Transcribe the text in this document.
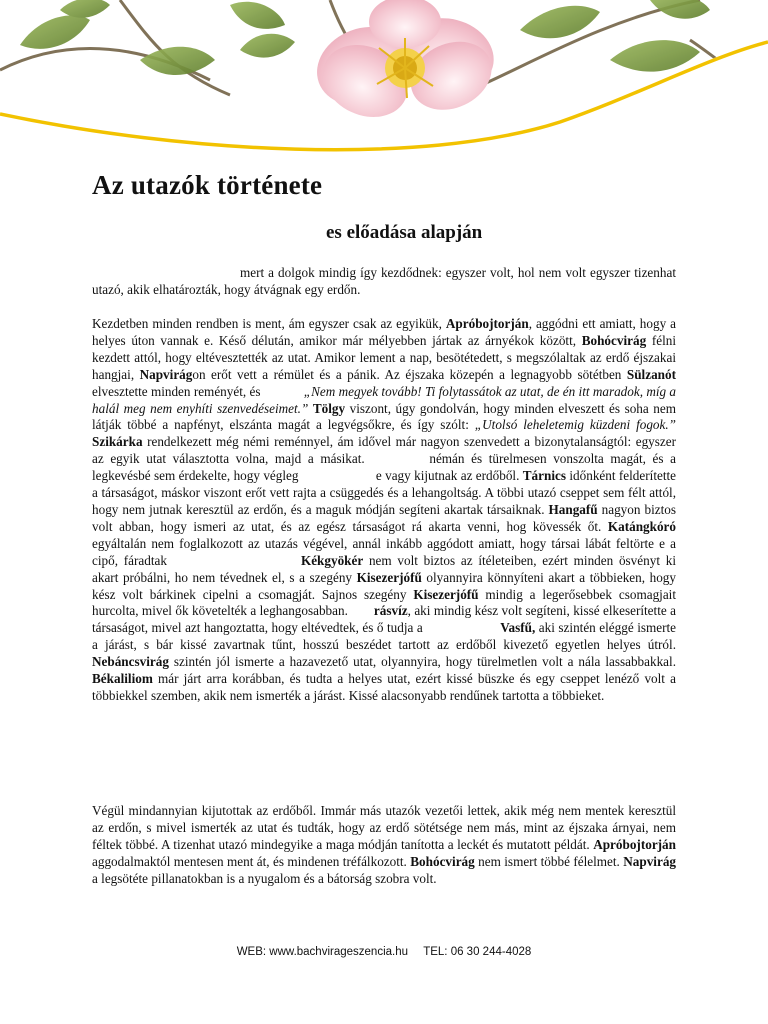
Az utazók története
es előadása alapján

mert a dolgok mindig így kezdődnek: egyszer volt, hol nem volt egyszer tizenhat utazó, akik elhatározták, hogy átvágnak egy erdőn.

Kezdetben minden rendben is ment, ám egyszer csak az egyikük, Apróbojtorján, aggódni ett amiatt, hogy a helyes úton vannak e. Késő délután, amikor már mélyebben jártak az árnyékok között, Bohócvirág félni kezdett attól, hogy eltévesztették az utat. Amikor lement a nap, besötétedett, s megszólaltak az erdő éjszakai hangjai, Napvirágon erőt vett a rémület és a pánik. Az éjszaka közepén a legnagyobb sötétben Sülzanót elvesztette minden reményét, és	„Nem megyek tovább! Ti folytassátok az utat, de én itt maradok, míg a halál meg nem enyhíti szenvedéseimet.” Tölgy viszont, úgy gondolván, hogy minden elveszett és soha nem látják többé a napfényt, elszánta magát a legvégsőkre, és így szólt: „Utolsó leheletemig küzdeni fogok.” Szikárka rendelkezett még némi reménnyel, ám idővel már nagyon szenvedett a bizonytalanságtól: egyszer az egyik utat választotta volna, majd a másikat.	némán és türelmesen vonszolta magát, és a legkevésbé sem érdekelte, hogy végleg	e vagy kijutnak az erdőből. Tárnics időnként felderítette a társaságot, máskor viszont erőt vett rajta a csüggedés és a lehangoltság. A többi utazó cseppet sem félt attól, hogy nem jutnak keresztül az erdőn, és a maguk módján segíteni akartak társaiknak. Hangafű nagyon biztos volt abban, hogy ismeri az utat, és az egész társaságot rá akarta venni, hog kövessék őt. Katángkóró egyáltalán nem foglalkozott az utazás végével, annál inkább aggódott amiatt, hogy társai lábát feltörte e a cipő, fáradtak	Kékgyökér nem volt biztos az ítéleteiben, ezért minden ösvényt ki akart próbálni, ho nem tévednek el, s a szegény Kisezerjófű olyannyira könnyíteni akart a többieken, hogy kész volt bárkinek cipelni a csomagját. Sajnos szegény Kisezerjófű mindig a legerősebbek csomagjait hurcolta, mivel ők követelték a leghangosabban. rásvíz, aki mindig kész volt segíteni, kissé elkeserítette a társaságot, mivel azt hangoztatta, hogy eltévedtek, és ő tudja a	Vasfű, aki szintén eléggé ismerte a járást, s bár kissé zavartnak tűnt, hosszú beszédet tartott az erdőből kivezető egyetlen helyes útról. Nebáncsvirág szintén jól ismerte a hazavezető utat, olyannyira, hogy türelmetlen volt a nála lassabbakkal. Békaliliom már járt arra korábban, és tudta a helyes utat, ezért kissé büszke és egy cseppet lenéző volt a többiekkel szemben, akik nem ismerték a járást. Kissé alacsonyabb rendűnek tartotta a többieket.

Végül mindannyian kijutottak az erdőből. Immár más utazók vezetői lettek, akik még nem mentek keresztül az erdőn, s mivel ismerték az utat és tudták, hogy az erdő sötétsége nem más, mint az éjszaka árnyai, nem féltek többé. A tizenhat utazó mindegyike a maga módján tanította a leckét és mutatott példát. Apróbojtorján aggodalmaktól mentesen ment át, és mindenen tréfálkozott. Bohócvirág nem ismert többé félelmet. Napvirág a legsötéte pillanatokban is a nyugalom és a bátorság szobra volt.

WEB: www.bachvirageszencia.hu TEL: 06 30 244-4028
